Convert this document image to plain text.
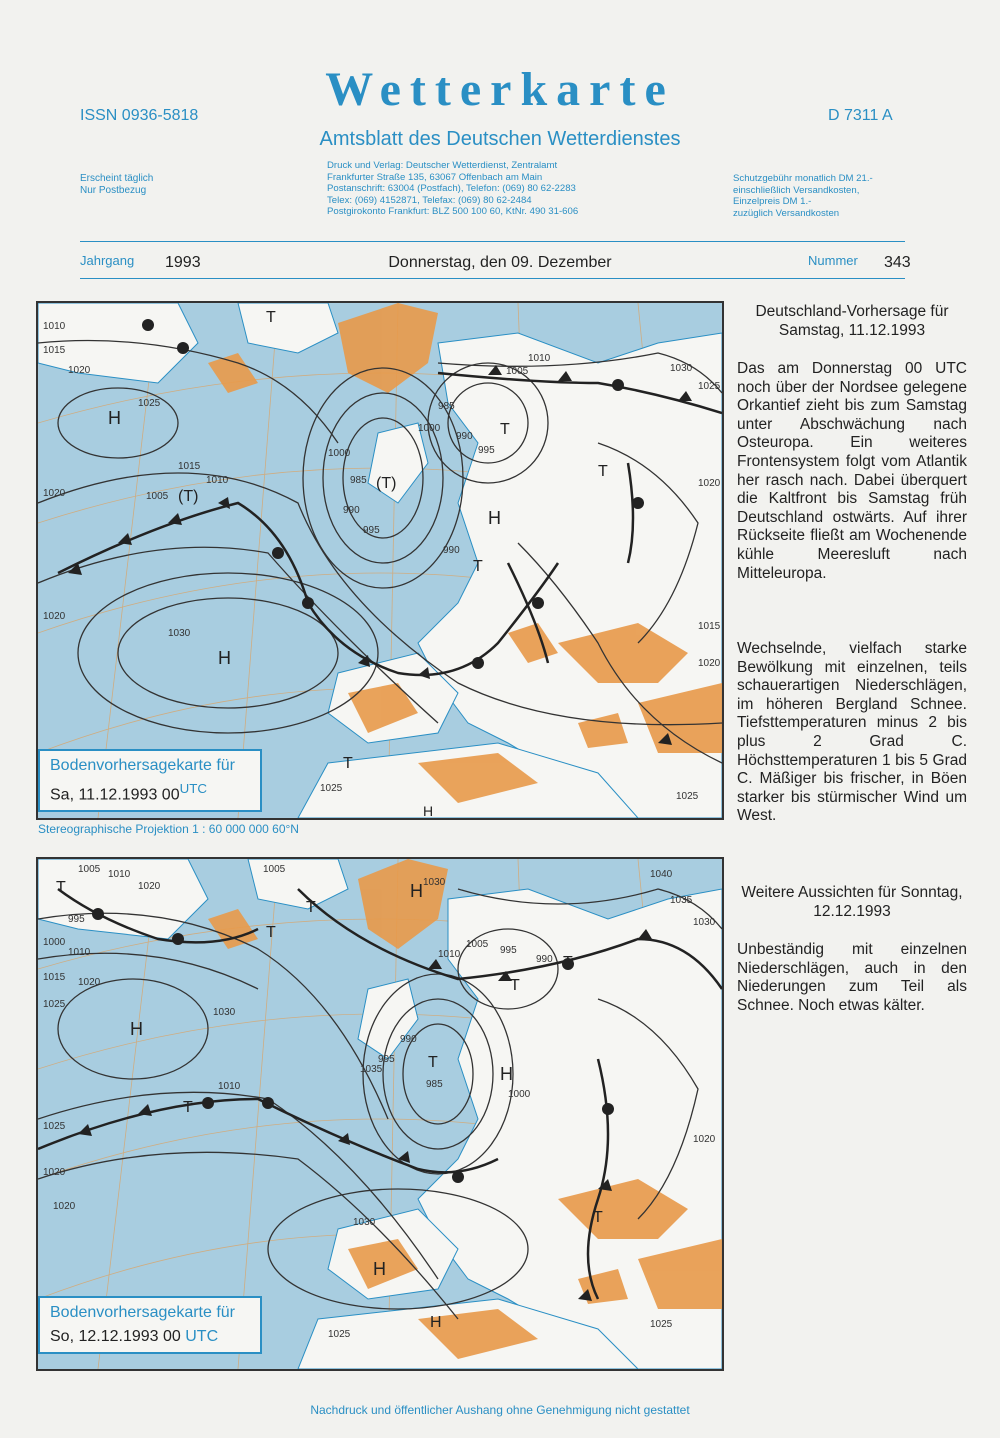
ISSN 0936-5818	Wetterkarte
Amtsblatt des Deutschen Wetterdienstes
D 7311 A
Erscheint täglich
Nur Postbezug
Druck und Verlag: Deutscher Wetterdienst, Zentralamt
Frankfurter Straße 135, 63067 Offenbach am Main
Postanschrift: 63004 (Postfach), Telefon: (069) 80 62-2283
Telex: (069) 4152871, Telefax: (069) 80 62-2484
Postgirokonto Frankfurt: BLZ 500 100 60, KtNr. 490 31-606
Schutzgebühr monatlich DM 21.-
einschließlich Versandkosten,
Einzelpreis DM 1.-
zuzüglich Versandkosten
Jahrgang 1993	Donnerstag, den 09. Dezember	Nummer 343
H
H
H
H
T
(T)
(T)
T
T
T
T
1010
1015
1020
1025
1015
1010
1005
1020
1020
1030
1000
985
990
995
985
990
995
1000
1010
1005	1030
1025
1020
1015
1020
990
1025
1025
Bodenvorhersagekarte für
Sa, 11.12.1993 $00^{UTC}$
Stereographische Projektion 1 : 60 000 000 60°N
H
H
H
H
H
T
T
T
T
T
T
T
T
1005 1010
1020
995
1000
1010
1015 1020
1025
1030
1005
1030
1010
1005
995
990
995
990
985
1035
1010
1025
1020
1020
1030
1000
1040
1035
1030
1025
1020
1025
Bodenvorhersagekarte für
So, 12.12.1993 00 UTC
Deutschland-Vorhersage für Samstag, 11.12.1993
Das am Donnerstag 00 UTC noch über der Nordsee gelegene Orkantief zieht bis zum Samstag unter Abschwächung nach Osteuropa. Ein weiteres Frontensystem folgt vom Atlantik her rasch nach. Dabei überquert die Kaltfront bis Samstag früh Deutschland ostwärts. Auf ihrer Rückseite fließt am Wochenende kühle Meeresluft nach Mitteleuropa.
Wechselnde, vielfach starke Bewölkung mit einzelnen, teils schauerartigen Niederschlägen, im höheren Bergland Schnee. Tiefsttemperaturen minus 2 bis plus 2 Grad C. Höchsttemperaturen 1 bis 5 Grad C. Mäßiger bis frischer, in Böen starker bis stürmischer Wind um West.
Weitere Aussichten für Sonntag, 12.12.1993
Unbeständig mit einzelnen Niederschlägen, auch in den Niederungen zum Teil als Schnee. Noch etwas kälter.
Nachdruck und öffentlicher Aushang ohne Genehmigung nicht gestattet
